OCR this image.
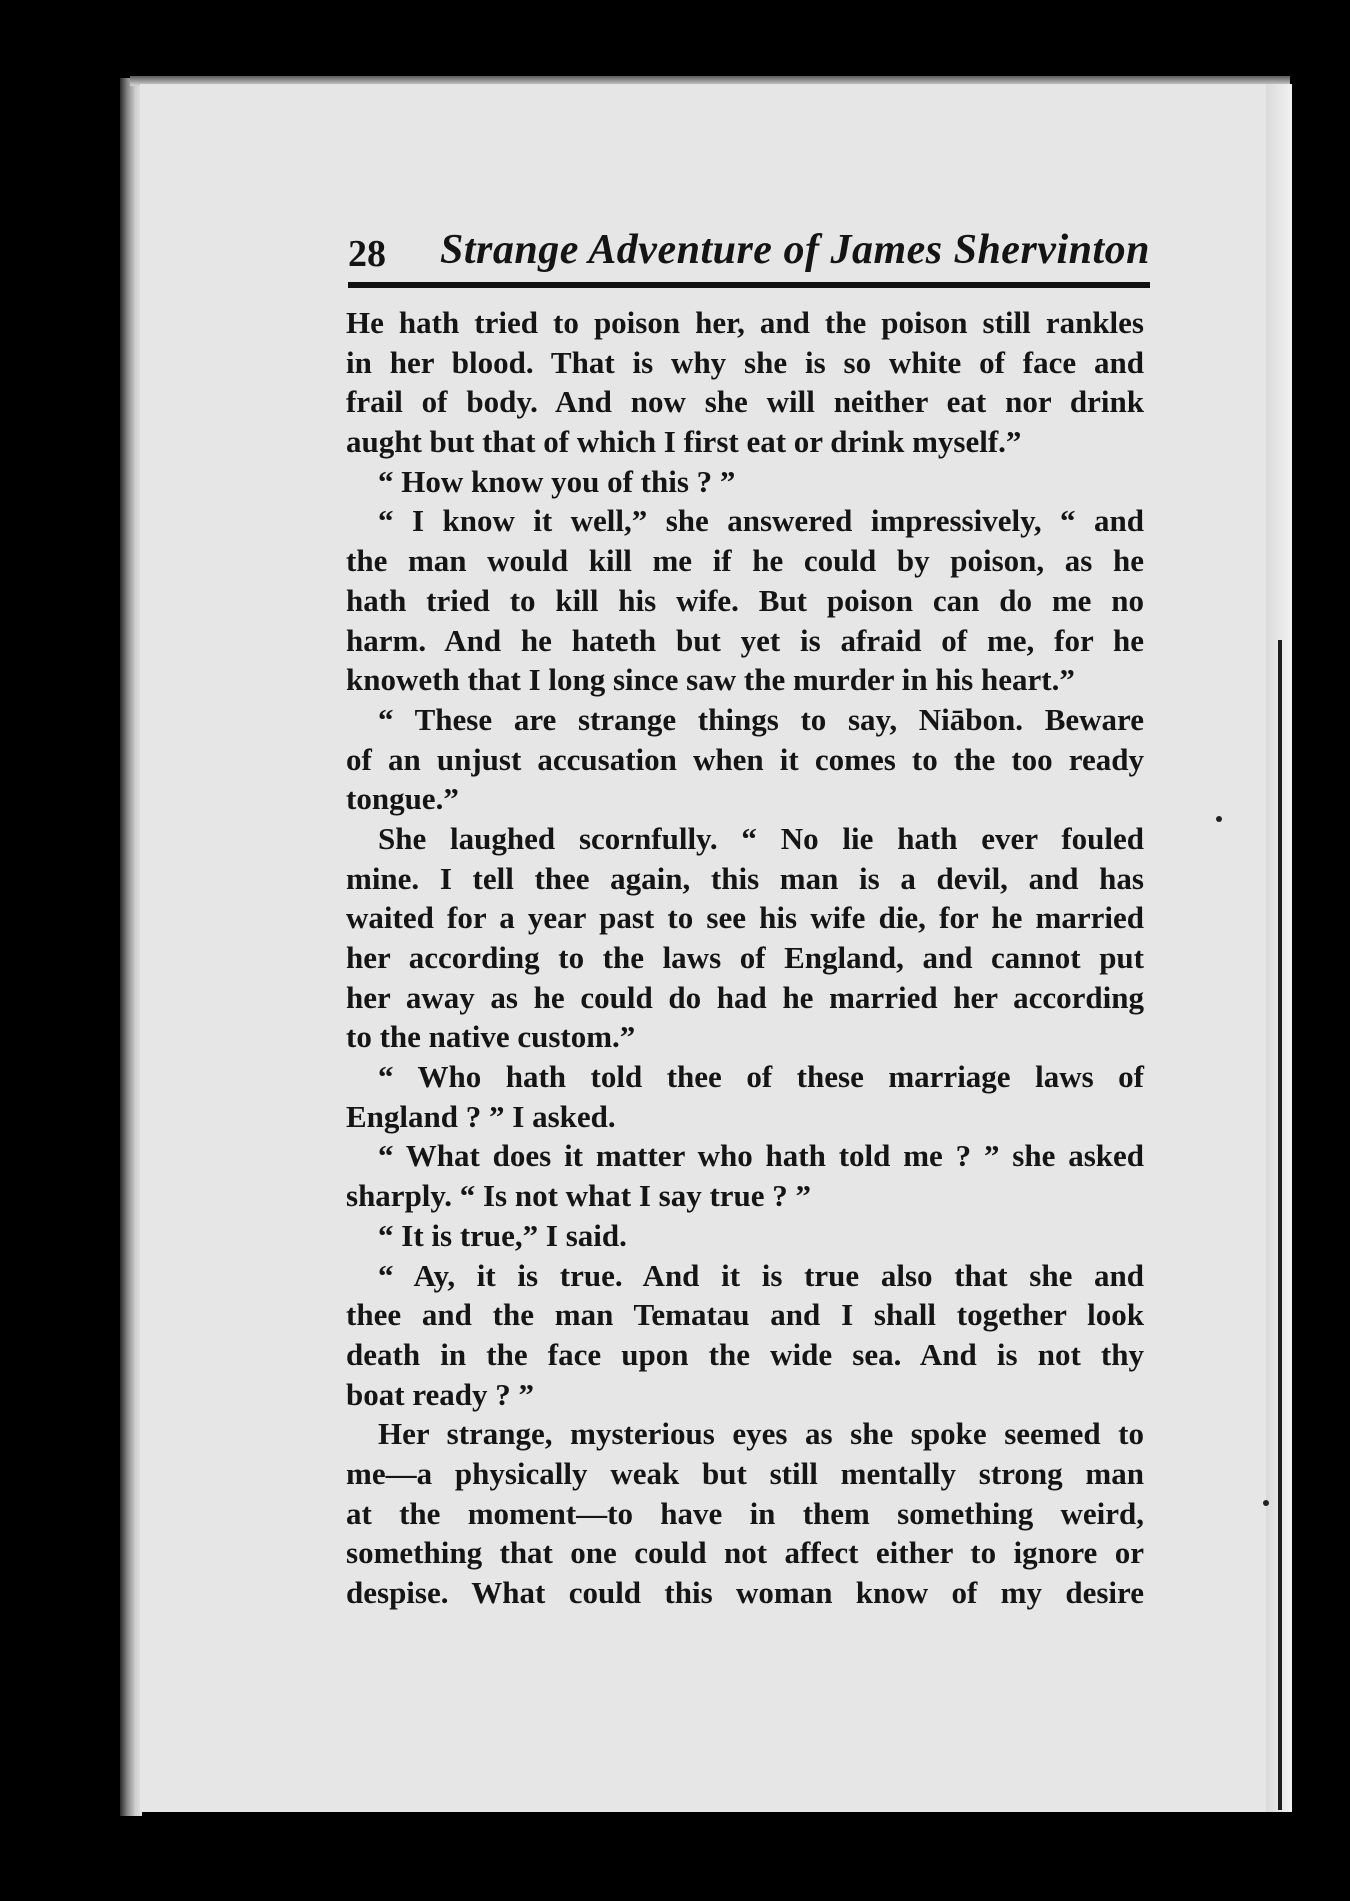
28 Strange Adventure of James Shervinton
He hath tried to poison her, and the poison still rankles
in her blood. That is why she is so white of face and
frail of body. And now she will neither eat nor drink
aught but that of which I first eat or drink myself.”
“ How know you of this ? ”
“ I know it well,” she answered impressively, “ and
the man would kill me if he could by poison, as he
hath tried to kill his wife. But poison can do me no
harm. And he hateth but yet is afraid of me, for he
knoweth that I long since saw the murder in his heart.”
“ These are strange things to say, Niābon. Beware
of an unjust accusation when it comes to the too ready
tongue.”
She laughed scornfully. “ No lie hath ever fouled
mine. I tell thee again, this man is a devil, and has
waited for a year past to see his wife die, for he married
her according to the laws of England, and cannot put
her away as he could do had he married her according
to the native custom.”
“ Who hath told thee of these marriage laws of
England ? ” I asked.
“ What does it matter who hath told me ? ” she asked
sharply. “ Is not what I say true ? ”
“ It is true,” I said.
“ Ay, it is true. And it is true also that she and
thee and the man Tematau and I shall together look
death in the face upon the wide sea. And is not thy
boat ready ? ”
Her strange, mysterious eyes as she spoke seemed to
me—a physically weak but still mentally strong man
at the moment—to have in them something weird,
something that one could not affect either to ignore or
despise. What could this woman know of my desire
